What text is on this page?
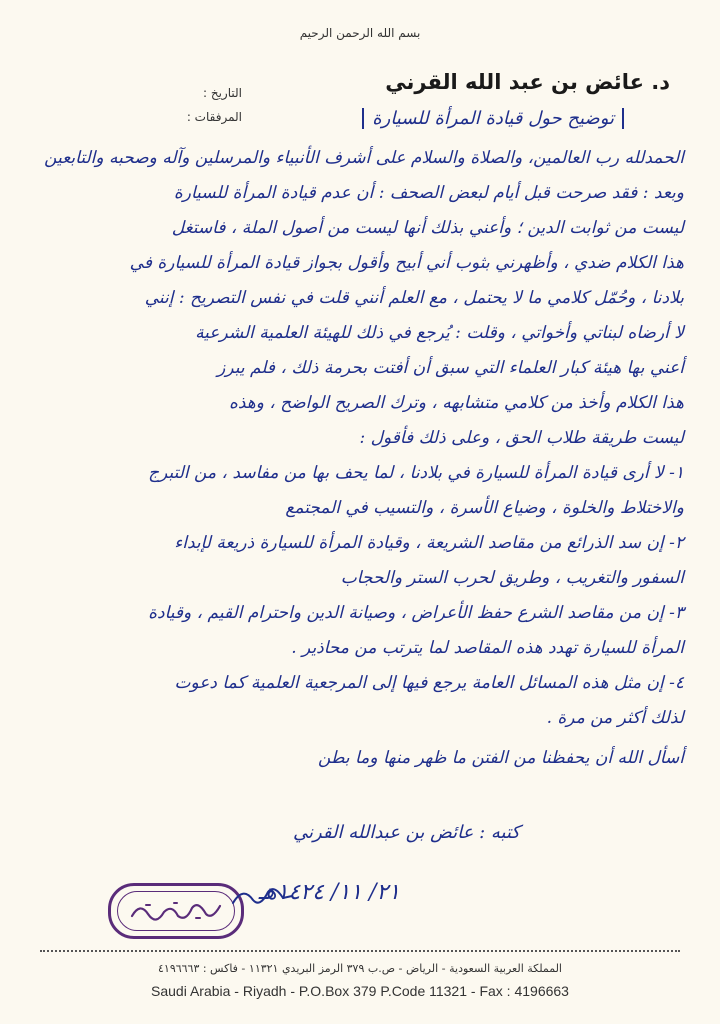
بسم الله الرحمن الرحيم
د. عائض بن عبد الله القرني
التاريخ :
المرفقات :	توضيح حول قيادة المرأة للسيارة
الحمدلله رب العالمين، والصلاة والسلام على أشرف الأنبياء والمرسلين وآله وصحبه والتابعين
وبعد : فقد صرحت قبل أيام لبعض الصحف : أن عدم قيادة المرأة للسيارة
ليست من ثوابت الدين ؛ وأعني بذلك أنها ليست من أصول الملة ، فاستغل
هذا الكلام ضدي ، وأظهرني بثوب أني أبيح وأقول بجواز قيادة المرأة للسيارة في
بلادنا ، وحُمّل كلامي ما لا يحتمل ، مع العلم أنني قلت في نفس التصريح : إنني
لا أرضاه لبناتي وأخواتي ، وقلت : يُرجع في ذلك للهيئة العلمية الشرعية
أعني بها هيئة كبار العلماء التي سبق أن أفتت بحرمة ذلك ، فلم يبرز
هذا الكلام وأخذ من كلامي متشابهه ، وترك الصريح الواضح ، وهذه
ليست طريقة طلاب الحق ، وعلى ذلك فأقول :
١- لا أرى قيادة المرأة للسيارة في بلادنا ، لما يحف بها من مفاسد ، من التبرج
والاختلاط والخلوة ، وضياع الأسرة ، والتسيب في المجتمع
٢- إن سد الذرائع من مقاصد الشريعة ، وقيادة المرأة للسيارة ذريعة لإبداء
السفور والتغريب ، وطريق لحرب الستر والحجاب
٣- إن من مقاصد الشرع حفظ الأعراض ، وصيانة الدين واحترام القيم ، وقيادة
المرأة للسيارة تهدد هذه المقاصد لما يترتب من محاذير .
٤- إن مثل هذه المسائل العامة يرجع فيها إلى المرجعية العلمية كما دعوت
لذلك أكثر من مرة .
أسأل الله أن يحفظنا من الفتن ما ظهر منها وما بطن
كتبه : عائض بن عبدالله القرني
٢١/ ١١/ ١٤٢٤هـ
المملكة العربية السعودية - الرياض - ص.ب ٣٧٩ الرمز البريدي ١١٣٢١ - فاكس : ٤١٩٦٦٦٣
Saudi Arabia - Riyadh - P.O.Box 379 P.Code 11321 - Fax : 4196663
